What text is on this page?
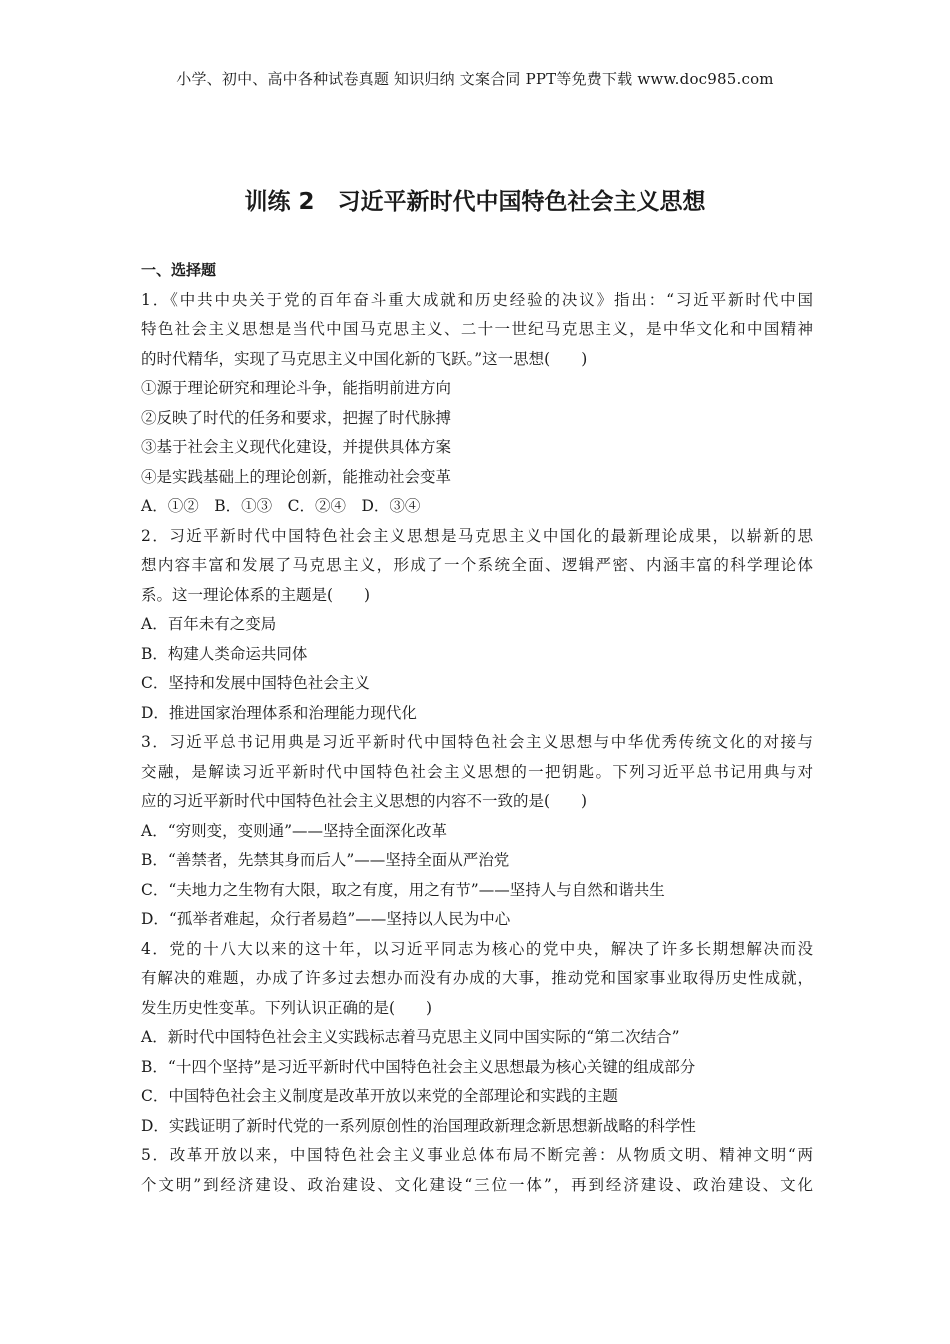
小学、初中、高中各种试卷真题 知识归纳 文案合同 PPT等免费下载 www.doc985.com
训练 2　习近平新时代中国特色社会主义思想
一、选择题
1．《中共中央关于党的百年奋斗重大成就和历史经验的决议》指出：“习近平新时代中国
特色社会主义思想是当代中国马克思主义、二十一世纪马克思主义，是中华文化和中国精神
的时代精华，实现了马克思主义中国化新的飞跃。”这一思想(　　)
①源于理论研究和理论斗争，能指明前进方向
②反映了时代的任务和要求，把握了时代脉搏
③基于社会主义现代化建设，并提供具体方案
④是实践基础上的理论创新，能推动社会变革
A．①②　B．①③　C．②④　D．③④
2．习近平新时代中国特色社会主义思想是马克思主义中国化的最新理论成果，以崭新的思
想内容丰富和发展了马克思主义，形成了一个系统全面、逻辑严密、内涵丰富的科学理论体
系。这一理论体系的主题是(　　)
A．百年未有之变局
B．构建人类命运共同体
C．坚持和发展中国特色社会主义
D．推进国家治理体系和治理能力现代化
3．习近平总书记用典是习近平新时代中国特色社会主义思想与中华优秀传统文化的对接与
交融，是解读习近平新时代中国特色社会主义思想的一把钥匙。下列习近平总书记用典与对
应的习近平新时代中国特色社会主义思想的内容不一致的是(　　)
A．“穷则变，变则通”——坚持全面深化改革
B．“善禁者，先禁其身而后人”——坚持全面从严治党
C．“夫地力之生物有大限，取之有度，用之有节”——坚持人与自然和谐共生
D．“孤举者难起，众行者易趋”——坚持以人民为中心
4．党的十八大以来的这十年，以习近平同志为核心的党中央，解决了许多长期想解决而没
有解决的难题，办成了许多过去想办而没有办成的大事，推动党和国家事业取得历史性成就，
发生历史性变革。下列认识正确的是(　　)
A．新时代中国特色社会主义实践标志着马克思主义同中国实际的“第二次结合”
B．“十四个坚持”是习近平新时代中国特色社会主义思想最为核心关键的组成部分
C．中国特色社会主义制度是改革开放以来党的全部理论和实践的主题
D．实践证明了新时代党的一系列原创性的治国理政新理念新思想新战略的科学性
5．改革开放以来，中国特色社会主义事业总体布局不断完善：从物质文明、精神文明“两
个文明”到经济建设、政治建设、文化建设“三位一体”，再到经济建设、政治建设、文化
